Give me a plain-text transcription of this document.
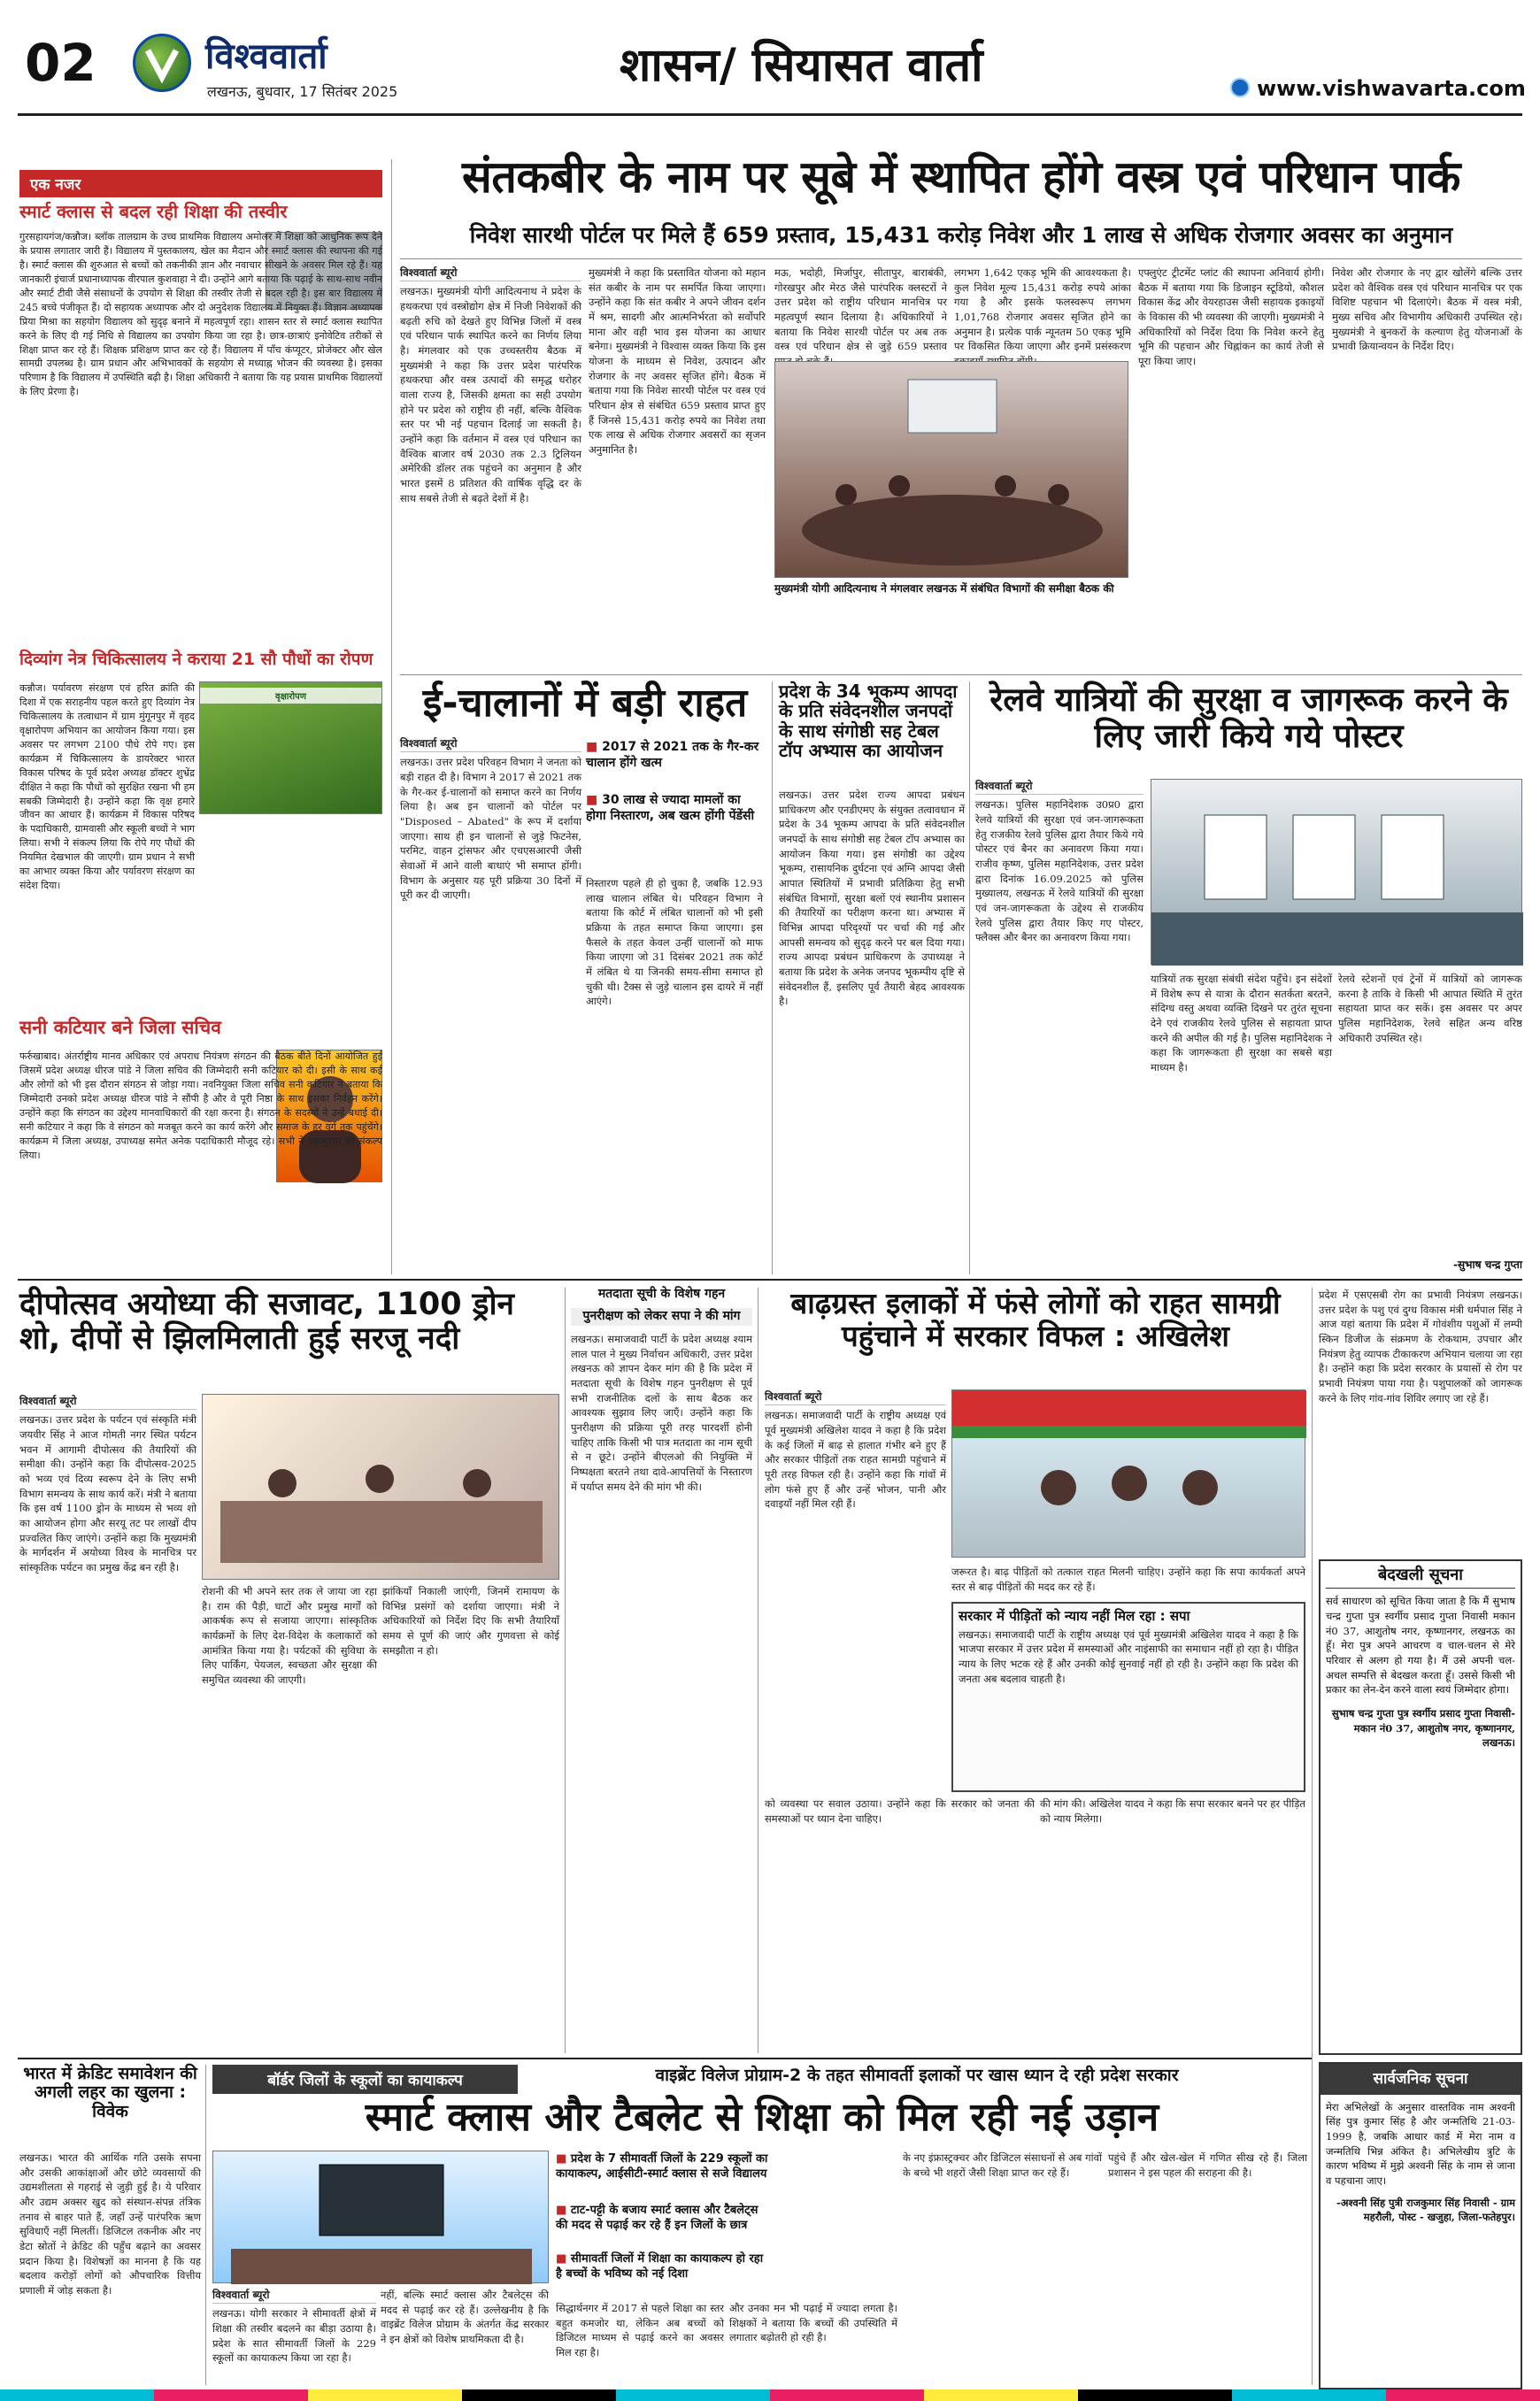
02	विश्ववार्ता
लखनऊ, बुधवार, 17 सितंबर 2025	शासन/ सियासत वार्ता	www.vishwavarta.com
एक नजर
स्मार्ट क्लास से बदल रही शिक्षा की तस्वीर

गुरसहायगंज/कन्नौज। ब्लॉक तालग्राम के उच्च प्राथमिक विद्यालय अमोलर में शिक्षा को आधुनिक रूप देने के प्रयास लगातार जारी हैं। विद्यालय में पुस्तकालय, खेल का मैदान और स्मार्ट क्लास की स्थापना की गई है। स्मार्ट क्लास की शुरुआत से बच्चों को तकनीकी ज्ञान और नवाचार सीखने के अवसर मिल रहे हैं। यह जानकारी इंचार्ज प्रधानाध्यापक वीरपाल कुशवाहा ने दी। उन्होंने आगे बताया कि पढ़ाई के साथ-साथ नवीन और स्मार्ट टीवी जैसे संसाधनों के उपयोग से शिक्षा की तस्वीर तेजी से बदल रही है। इस बार विद्यालय में 245 बच्चे पंजीकृत हैं। दो सहायक अध्यापक और दो अनुदेशक विद्यालय में नियुक्त हैं। विज्ञान अध्यापक प्रिया मिश्रा का सहयोग विद्यालय को सुदृढ़ बनाने में महत्वपूर्ण रहा। शासन स्तर से स्मार्ट क्लास स्थापित करने के लिए दी गई निधि से विद्यालय का उपयोग किया जा रहा है। छात्र-छात्राएं इनोवेटिव तरीकों से शिक्षा प्राप्त कर रहे हैं। शिक्षक प्रशिक्षण प्राप्त कर रहे हैं। विद्यालय में पाँच कंप्यूटर, प्रोजेक्टर और खेल सामग्री उपलब्ध है। ग्राम प्रधान और अभिभावकों के सहयोग से मध्याह्न भोजन की व्यवस्था है। इसका परिणाम है कि विद्यालय में उपस्थिति बढ़ी है। शिक्षा अधिकारी ने बताया कि यह प्रयास प्राथमिक विद्यालयों के लिए प्रेरणा है।

दिव्यांग नेत्र चिकित्सालय ने कराया 21 सौ पौधों का रोपण
वृक्षारोपण

कन्नौज। पर्यावरण संरक्षण एवं हरित क्रांति की दिशा में एक सराहनीय पहल करते हुए दिव्यांग नेत्र चिकित्सालय के तत्वाधान में ग्राम मुंगूनपुर में वृहद वृक्षारोपण अभियान का आयोजन किया गया। इस अवसर पर लगभग 2100 पौधे रोपे गए। इस कार्यक्रम में चिकित्सालय के डायरेक्टर भारत विकास परिषद के पूर्व प्रदेश अध्यक्ष डॉक्टर शुभ्रेंद्र दीक्षित ने कहा कि पौधों को सुरक्षित रखना भी हम सबकी जिम्मेदारी है। उन्होंने कहा कि वृक्ष हमारे जीवन का आधार हैं। कार्यक्रम में विकास परिषद के पदाधिकारी, ग्रामवासी और स्कूली बच्चों ने भाग लिया। सभी ने संकल्प लिया कि रोपे गए पौधों की नियमित देखभाल की जाएगी। ग्राम प्रधान ने सभी का आभार व्यक्त किया और पर्यावरण संरक्षण का संदेश दिया।

सनी कटियार बने जिला सचिव

फर्रुखाबाद। अंतर्राष्ट्रीय मानव अधिकार एवं अपराध नियंत्रण संगठन की बैठक बीते दिनों आयोजित हुई जिसमें प्रदेश अध्यक्ष धीरज पांडे ने जिला सचिव की जिम्मेदारी सनी कटियार को दी। इसी के साथ कई और लोगों को भी इस दौरान संगठन से जोड़ा गया। नवनियुक्त जिला सचिव सनी कटियार ने बताया कि जिम्मेदारी उनको प्रदेश अध्यक्ष धीरज पांडे ने सौंपी है और वे पूरी निष्ठा के साथ इसका निर्वहन करेंगे। उन्होंने कहा कि संगठन का उद्देश्य मानवाधिकारों की रक्षा करना है। संगठन के सदस्यों ने उन्हें बधाई दी। सनी कटियार ने कहा कि वे संगठन को मजबूत करने का कार्य करेंगे और समाज के हर वर्ग तक पहुंचेंगे। कार्यक्रम में जिला अध्यक्ष, उपाध्यक्ष समेत अनेक पदाधिकारी मौजूद रहे। सभी ने एकजुटता का संकल्प लिया।

संतकबीर के नाम पर सूबे में स्थापित होंगे वस्त्र एवं परिधान पार्क
निवेश सारथी पोर्टल पर मिले हैं 659 प्रस्ताव, 15,431 करोड़ निवेश और 1 लाख से अधिक रोजगार अवसर का अनुमान
विश्ववार्ता ब्यूरो

लखनऊ। मुख्यमंत्री योगी आदित्यनाथ ने प्रदेश के हथकरघा एवं वस्त्रोद्योग क्षेत्र में निजी निवेशकों की बढ़ती रुचि को देखते हुए विभिन्न जिलों में वस्त्र एवं परिधान पार्क स्थापित करने का निर्णय लिया है। मंगलवार को एक उच्चस्तरीय बैठक में मुख्यमंत्री ने कहा कि उत्तर प्रदेश पारंपरिक हथकरघा और वस्त्र उत्पादों की समृद्ध धरोहर वाला राज्य है, जिसकी क्षमता का सही उपयोग होने पर प्रदेश को राष्ट्रीय ही नहीं, बल्कि वैश्विक स्तर पर भी नई पहचान दिलाई जा सकती है। उन्होंने कहा कि वर्तमान में वस्त्र एवं परिधान का वैश्विक बाजार वर्ष 2030 तक 2.3 ट्रिलियन अमेरिकी डॉलर तक पहुंचने का अनुमान है और भारत इसमें 8 प्रतिशत की वार्षिक वृद्धि दर के साथ सबसे तेजी से बढ़ते देशों में है।

मुख्यमंत्री ने कहा कि प्रस्तावित योजना को महान संत कबीर के नाम पर समर्पित किया जाएगा। उन्होंने कहा कि संत कबीर ने अपने जीवन दर्शन में श्रम, सादगी और आत्मनिर्भरता को सर्वोपरि माना और वही भाव इस योजना का आधार बनेगा। मुख्यमंत्री ने विश्वास व्यक्त किया कि इस योजना के माध्यम से निवेश, उत्पादन और रोजगार के नए अवसर सृजित होंगे। बैठक में बताया गया कि निवेश सारथी पोर्टल पर वस्त्र एवं परिधान क्षेत्र से संबंधित 659 प्रस्ताव प्राप्त हुए हैं जिनसे 15,431 करोड़ रुपये का निवेश तथा एक लाख से अधिक रोजगार अवसरों का सृजन अनुमानित है।

मऊ, भदोही, मिर्जापुर, सीतापुर, बाराबंकी, गोरखपुर और मेरठ जैसे पारंपरिक क्लस्टरों ने उत्तर प्रदेश को राष्ट्रीय परिधान मानचित्र पर महत्वपूर्ण स्थान दिलाया है। अधिकारियों ने बताया कि निवेश सारथी पोर्टल पर अब तक वस्त्र एवं परिधान क्षेत्र से जुड़े 659 प्रस्ताव

लगभग 1,642 एकड़ भूमि की आवश्यकता है। कुल निवेश मूल्य 15,431 करोड़ रुपये आंका गया है और इसके फलस्वरूप लगभग 1,01,768 रोजगार अवसर सृजित होने का अनुमान है। प्रत्येक पार्क न्यूनतम 50 एकड़ भूमि पर विकसित किया जाएगा और इनमें प्रसंस्करण

मुख्यमंत्री योगी आदित्यनाथ ने मंगलवार लखनऊ में संबंधित विभागों की समीक्षा बैठक की

एफ्लुएंट ट्रीटमेंट प्लांट की स्थापना अनिवार्य होगी। बैठक में बताया गया कि डिजाइन स्टूडियो, कौशल विकास केंद्र और वेयरहाउस जैसी सहायक इकाइयों के विकास की भी व्यवस्था की जाएगी। मुख्यमंत्री ने अधिकारियों को निर्देश दिया कि निवेश करने हेतु भूमि की पहचान और चिह्नांकन का कार्य तेजी से पूरा किया जाए।

निवेश और रोजगार के नए द्वार खोलेंगे बल्कि उत्तर प्रदेश को वैश्विक वस्त्र एवं परिधान मानचित्र पर एक विशिष्ट पहचान भी दिलाएंगे। बैठक में वस्त्र मंत्री, मुख्य सचिव और विभागीय अधिकारी उपस्थित रहे। मुख्यमंत्री ने बुनकरों के कल्याण हेतु योजनाओं के प्रभावी क्रियान्वयन के निर्देश दिए।

ई-चालानों में बड़ी राहत
■ 2017 से 2021 तक के गैर-कर चालान होंगे खत्म
■ 30 लाख से ज्यादा मामलों का होगा निस्तारण, अब खत्म होंगी पेंडेंसी
विश्ववार्ता ब्यूरो

लखनऊ। उत्तर प्रदेश परिवहन विभाग ने जनता को बड़ी राहत दी है। विभाग ने 2017 से 2021 तक के गैर-कर ई-चालानों को समाप्त करने का निर्णय लिया है। अब इन चालानों को पोर्टल पर "Disposed – Abated" के रूप में दर्शाया जाएगा। साथ ही इन चालानों से जुड़े फिटनेस, परमिट, वाहन ट्रांसफर और एचएसआरपी जैसी सेवाओं में आने वाली बाधाएं भी समाप्त होंगी। विभाग के अनुसार यह पूरी प्रक्रिया 30 दिनों में पूरी कर दी जाएगी।

निस्तारण पहले ही हो चुका है, जबकि 12.93 लाख चालान लंबित थे। परिवहन विभाग ने बताया कि कोर्ट में लंबित चालानों को भी इसी प्रक्रिया के तहत समाप्त किया जाएगा। इस फैसले के तहत केवल उन्हीं चालानों को माफ किया जाएगा जो 31 दिसंबर 2021 तक कोर्ट में लंबित थे या जिनकी समय-सीमा समाप्त हो चुकी थी। टैक्स से जुड़े चालान इस दायरे में नहीं आएंगे।

प्रदेश के 34 भूकम्प आपदा के प्रति संवेदनशील जनपदों के साथ संगोष्ठी सह टेबल टॉप अभ्यास का आयोजन

लखनऊ। उत्तर प्रदेश राज्य आपदा प्रबंधन प्राधिकरण और एनडीएमए के संयुक्त तत्वावधान में प्रदेश के 34 भूकम्प आपदा के प्रति संवेदनशील जनपदों के साथ संगोष्ठी सह टेबल टॉप अभ्यास का आयोजन किया गया। इस संगोष्ठी का उद्देश्य भूकम्प, रासायनिक दुर्घटना एवं अग्नि आपदा जैसी आपात स्थितियों में प्रभावी प्रतिक्रिया हेतु सभी संबंधित विभागों, सुरक्षा बलों एवं स्थानीय प्रशासन की तैयारियों का परीक्षण करना था। अभ्यास में विभिन्न आपदा परिदृश्यों पर चर्चा की गई और आपसी समन्वय को सुदृढ़ करने पर बल दिया गया। राज्य आपदा प्रबंधन प्राधिकरण के उपाध्यक्ष ने बताया कि प्रदेश के अनेक जनपद भूकम्पीय दृष्टि से संवेदनशील हैं, इसलिए पूर्व तैयारी बेहद आवश्यक है।

रेलवे यात्रियों की सुरक्षा व जागरूक करने के लिए जारी किये गये पोस्टर
विश्ववार्ता ब्यूरो

लखनऊ। पुलिस महानिदेशक उ0प्र0 द्वारा रेलवे यात्रियों की सुरक्षा एवं जन-जागरूकता हेतु राजकीय रेलवे पुलिस द्वारा तैयार किये गये पोस्टर एवं बैनर का अनावरण किया गया। राजीव कृष्ण, पुलिस महानिदेशक, उत्तर प्रदेश द्वारा दिनांक 16.09.2025 को पुलिस मुख्यालय, लखनऊ में रेलवे यात्रियों की सुरक्षा एवं जन-जागरूकता के उद्देश्य से राजकीय रेलवे पुलिस द्वारा तैयार किए गए पोस्टर, फ्लैक्स और बैनर का अनावरण किया गया।

यात्रियों तक सुरक्षा संबंधी संदेश पहुँचे। इन संदेशों में विशेष रूप से यात्रा के दौरान सतर्कता बरतने, संदिग्ध वस्तु अथवा व्यक्ति दिखने पर तुरंत सूचना देने एवं राजकीय रेलवे पुलिस से सहायता प्राप्त करने की अपील की गई है। पुलिस महानिदेशक ने कहा कि जागरूकता ही सुरक्षा का सबसे बड़ा माध्यम है।

रेलवे स्टेशनों एवं ट्रेनों में यात्रियों को जागरूक करना है ताकि वे किसी भी आपात स्थिति में तुरंत सहायता प्राप्त कर सकें। इस अवसर पर अपर पुलिस महानिदेशक, रेलवे सहित अन्य वरिष्ठ अधिकारी उपस्थित रहे।

-सुभाष चन्द्र गुप्ता
दीपोत्सव अयोध्या की सजावट, 1100 ड्रोन शो, दीपों से झिलमिलाती हुई सरजू नदी
विश्ववार्ता ब्यूरो

लखनऊ। उत्तर प्रदेश के पर्यटन एवं संस्कृति मंत्री जयवीर सिंह ने आज गोमती नगर स्थित पर्यटन भवन में आगामी दीपोत्सव की तैयारियों की समीक्षा की। उन्होंने कहा कि दीपोत्सव-2025 को भव्य एवं दिव्य स्वरूप देने के लिए सभी विभाग समन्वय के साथ कार्य करें। मंत्री ने बताया कि इस वर्ष 1100 ड्रोन के माध्यम से भव्य शो का आयोजन होगा और सरयू तट पर लाखों दीप प्रज्वलित किए जाएंगे। उन्होंने कहा कि मुख्यमंत्री के मार्गदर्शन में अयोध्या विश्व के मानचित्र पर सांस्कृतिक पर्यटन का प्रमुख केंद्र बन रही है।

रोशनी की भी अपने स्तर तक ले जाया जा रहा है। राम की पैड़ी, घाटों और प्रमुख मार्गों को आकर्षक रूप से सजाया जाएगा। सांस्कृतिक कार्यक्रमों के लिए देश-विदेश के कलाकारों को आमंत्रित किया गया है। पर्यटकों की सुविधा के लिए पार्किंग, पेयजल, स्वच्छता और सुरक्षा की समुचित व्यवस्था की जाएगी।

झांकियाँ निकाली जाएंगी, जिनमें रामायण के विभिन्न प्रसंगों को दर्शाया जाएगा। मंत्री ने अधिकारियों को निर्देश दिए कि सभी तैयारियाँ समय से पूर्ण की जाएं और गुणवत्ता से कोई समझौता न हो।

मतदाता सूची के विशेष गहन
पुनरीक्षण को लेकर सपा ने की मांग

लखनऊ। समाजवादी पार्टी के प्रदेश अध्यक्ष श्याम लाल पाल ने मुख्य निर्वाचन अधिकारी, उत्तर प्रदेश लखनऊ को ज्ञापन देकर मांग की है कि प्रदेश में मतदाता सूची के विशेष गहन पुनरीक्षण से पूर्व सभी राजनीतिक दलों के साथ बैठक कर आवश्यक सुझाव लिए जाएँ। उन्होंने कहा कि पुनरीक्षण की प्रक्रिया पूरी तरह पारदर्शी होनी चाहिए ताकि किसी भी पात्र मतदाता का नाम सूची से न छूटे। उन्होंने बीएलओ की नियुक्ति में निष्पक्षता बरतने तथा दावे-आपत्तियों के निस्तारण में पर्याप्त समय देने की मांग भी की।

बाढ़ग्रस्त इलाकों में फंसे लोगों को राहत सामग्री पहुंचाने में सरकार विफल : अखिलेश
विश्ववार्ता ब्यूरो

लखनऊ। समाजवादी पार्टी के राष्ट्रीय अध्यक्ष एवं पूर्व मुख्यमंत्री अखिलेश यादव ने कहा है कि प्रदेश के कई जिलों में बाढ़ से हालात गंभीर बने हुए हैं और सरकार पीड़ितों तक राहत सामग्री पहुंचाने में पूरी तरह विफल रही है। उन्होंने कहा कि गांवों में लोग फंसे हुए हैं और उन्हें भोजन, पानी और दवाइयाँ नहीं मिल रही हैं।

जरूरत है। बाढ़ पीड़ितों को तत्काल राहत मिलनी चाहिए। उन्होंने कहा कि सपा कार्यकर्ता अपने स्तर से बाढ़ पीड़ितों की मदद कर रहे हैं।

सरकार में पीड़ितों को न्याय नहीं मिल रहा : सपा

लखनऊ। समाजवादी पार्टी के राष्ट्रीय अध्यक्ष एवं पूर्व मुख्यमंत्री अखिलेश यादव ने कहा है कि भाजपा सरकार में उत्तर प्रदेश में समस्याओं और नाइंसाफी का समाधान नहीं हो रहा है। पीड़ित न्याय के लिए भटक रहे हैं और उनकी कोई सुनवाई नहीं हो रही है। उन्होंने कहा कि प्रदेश की जनता अब बदलाव चाहती है।

को व्यवस्था पर सवाल उठाया। उन्होंने कहा कि सरकार को जनता की समस्याओं पर ध्यान देना चाहिए।

की मांग की। अखिलेश यादव ने कहा कि सपा सरकार बनने पर हर पीड़ित को न्याय मिलेगा।

प्रदेश में एसएसबी रोग का प्रभावी नियंत्रण लखनऊ। उत्तर प्रदेश के पशु एवं दुग्ध विकास मंत्री धर्मपाल सिंह ने आज यहां बताया कि प्रदेश में गोवंशीय पशुओं में लम्पी स्किन डिजीज के संक्रमण के रोकथाम, उपचार और नियंत्रण हेतु व्यापक टीकाकरण अभियान चलाया जा रहा है। उन्होंने कहा कि प्रदेश सरकार के प्रयासों से रोग पर प्रभावी नियंत्रण पाया गया है। पशुपालकों को जागरूक करने के लिए गांव-गांव शिविर लगाए जा रहे हैं।

बेदखली सूचना

सर्व साधारण को सूचित किया जाता है कि मैं सुभाष चन्द्र गुप्ता पुत्र स्वर्गीय प्रसाद गुप्ता निवासी मकान नं0 37, आशुतोष नगर, कृष्णानगर, लखनऊ का हूँ। मेरा पुत्र अपने आचरण व चाल-चलन से मेरे परिवार से अलग हो गया है। मैं उसे अपनी चल-अचल सम्पत्ति से बेदखल करता हूँ। उससे किसी भी प्रकार का लेन-देन करने वाला स्वयं जिम्मेदार होगा।

सुभाष चन्द्र गुप्ता पुत्र स्वर्गीय प्रसाद गुप्ता निवासी-मकान नं0 37, आशुतोष नगर, कृष्णानगर, लखनऊ।

सार्वजनिक सूचना

मेरा अभिलेखों के अनुसार वास्तविक नाम अश्वनी सिंह पुत्र कुमार सिंह है और जन्मतिथि 21-03-1999 है, जबकि आधार कार्ड में मेरा नाम व जन्मतिथि भिन्न अंकित है। अभिलेखीय त्रुटि के कारण भविष्य में मुझे अश्वनी सिंह के नाम से जाना व पहचाना जाए।

-अश्वनी सिंह पुत्री राजकुमार सिंह निवासी - ग्राम महरौली, पोस्ट - खजुहा, जिला-फतेहपुर।

भारत में क्रेडिट समावेशन की अगली लहर का खुलना : विवेक

लखनऊ। भारत की आर्थिक गति उसके सपना और उसकी आकांक्षाओं और छोटे व्यवसायों की उद्यमशीलता से गहराई से जुड़ी हुई है। ये परिवार और उद्यम अक्सर खुद को संस्थान-संपन्न तंत्रिक तनाव से बाहर पाते हैं, जहाँ उन्हें पारंपरिक ऋण सुविधाएँ नहीं मिलतीं। डिजिटल तकनीक और नए डेटा स्रोतों ने क्रेडिट की पहुँच बढ़ाने का अवसर प्रदान किया है। विशेषज्ञों का मानना है कि यह बदलाव करोड़ों लोगों को औपचारिक वित्तीय प्रणाली में जोड़ सकता है।

बॉर्डर जिलों के स्कूलों का कायाकल्प	वाइब्रेंट विलेज प्रोग्राम-2 के तहत सीमावर्ती इलाकों पर खास ध्यान दे रही प्रदेश सरकार
स्मार्ट क्लास और टैबलेट से शिक्षा को मिल रही नई उड़ान
विश्ववार्ता ब्यूरो

लखनऊ। योगी सरकार ने सीमावर्ती क्षेत्रों में शिक्षा की तस्वीर बदलने का बीड़ा उठाया है। प्रदेश के सात सीमावर्ती जिलों के 229 स्कूलों का कायाकल्प किया जा रहा है।

नहीं, बल्कि स्मार्ट क्लास और टैबलेट्स की मदद से पढ़ाई कर रहे हैं। उल्लेखनीय है कि वाइब्रेंट विलेज प्रोग्राम के अंतर्गत केंद्र सरकार ने इन क्षेत्रों को विशेष प्राथमिकता दी है।

■ प्रदेश के 7 सीमावर्ती जिलों के 229 स्कूलों का कायाकल्प, आईसीटी-स्मार्ट क्लास से सजे विद्यालय
■ टाट-पट्टी के बजाय स्मार्ट क्लास और टैबलेट्स की मदद से पढ़ाई कर रहे हैं इन जिलों के छात्र
■ सीमावर्ती जिलों में शिक्षा का कायाकल्प हो रहा है बच्चों के भविष्य को नई दिशा

सिद्धार्थनगर में 2017 से पहले शिक्षा का स्तर बहुत कमजोर था, लेकिन अब बच्चों को डिजिटल माध्यम से पढ़ाई करने का अवसर मिल रहा है।

और उनका मन भी पढ़ाई में ज्यादा लगता है। शिक्षकों ने बताया कि बच्चों की उपस्थिति में लगातार बढ़ोतरी हो रही है।

के नए इंफ्रास्ट्रक्चर और डिजिटल संसाधनों से अब गांवों के बच्चे भी शहरों जैसी शिक्षा प्राप्त कर रहे हैं।

पहुंचे हैं और खेल-खेल में गणित सीख रहे हैं। जिला प्रशासन ने इस पहल की सराहना की है।
